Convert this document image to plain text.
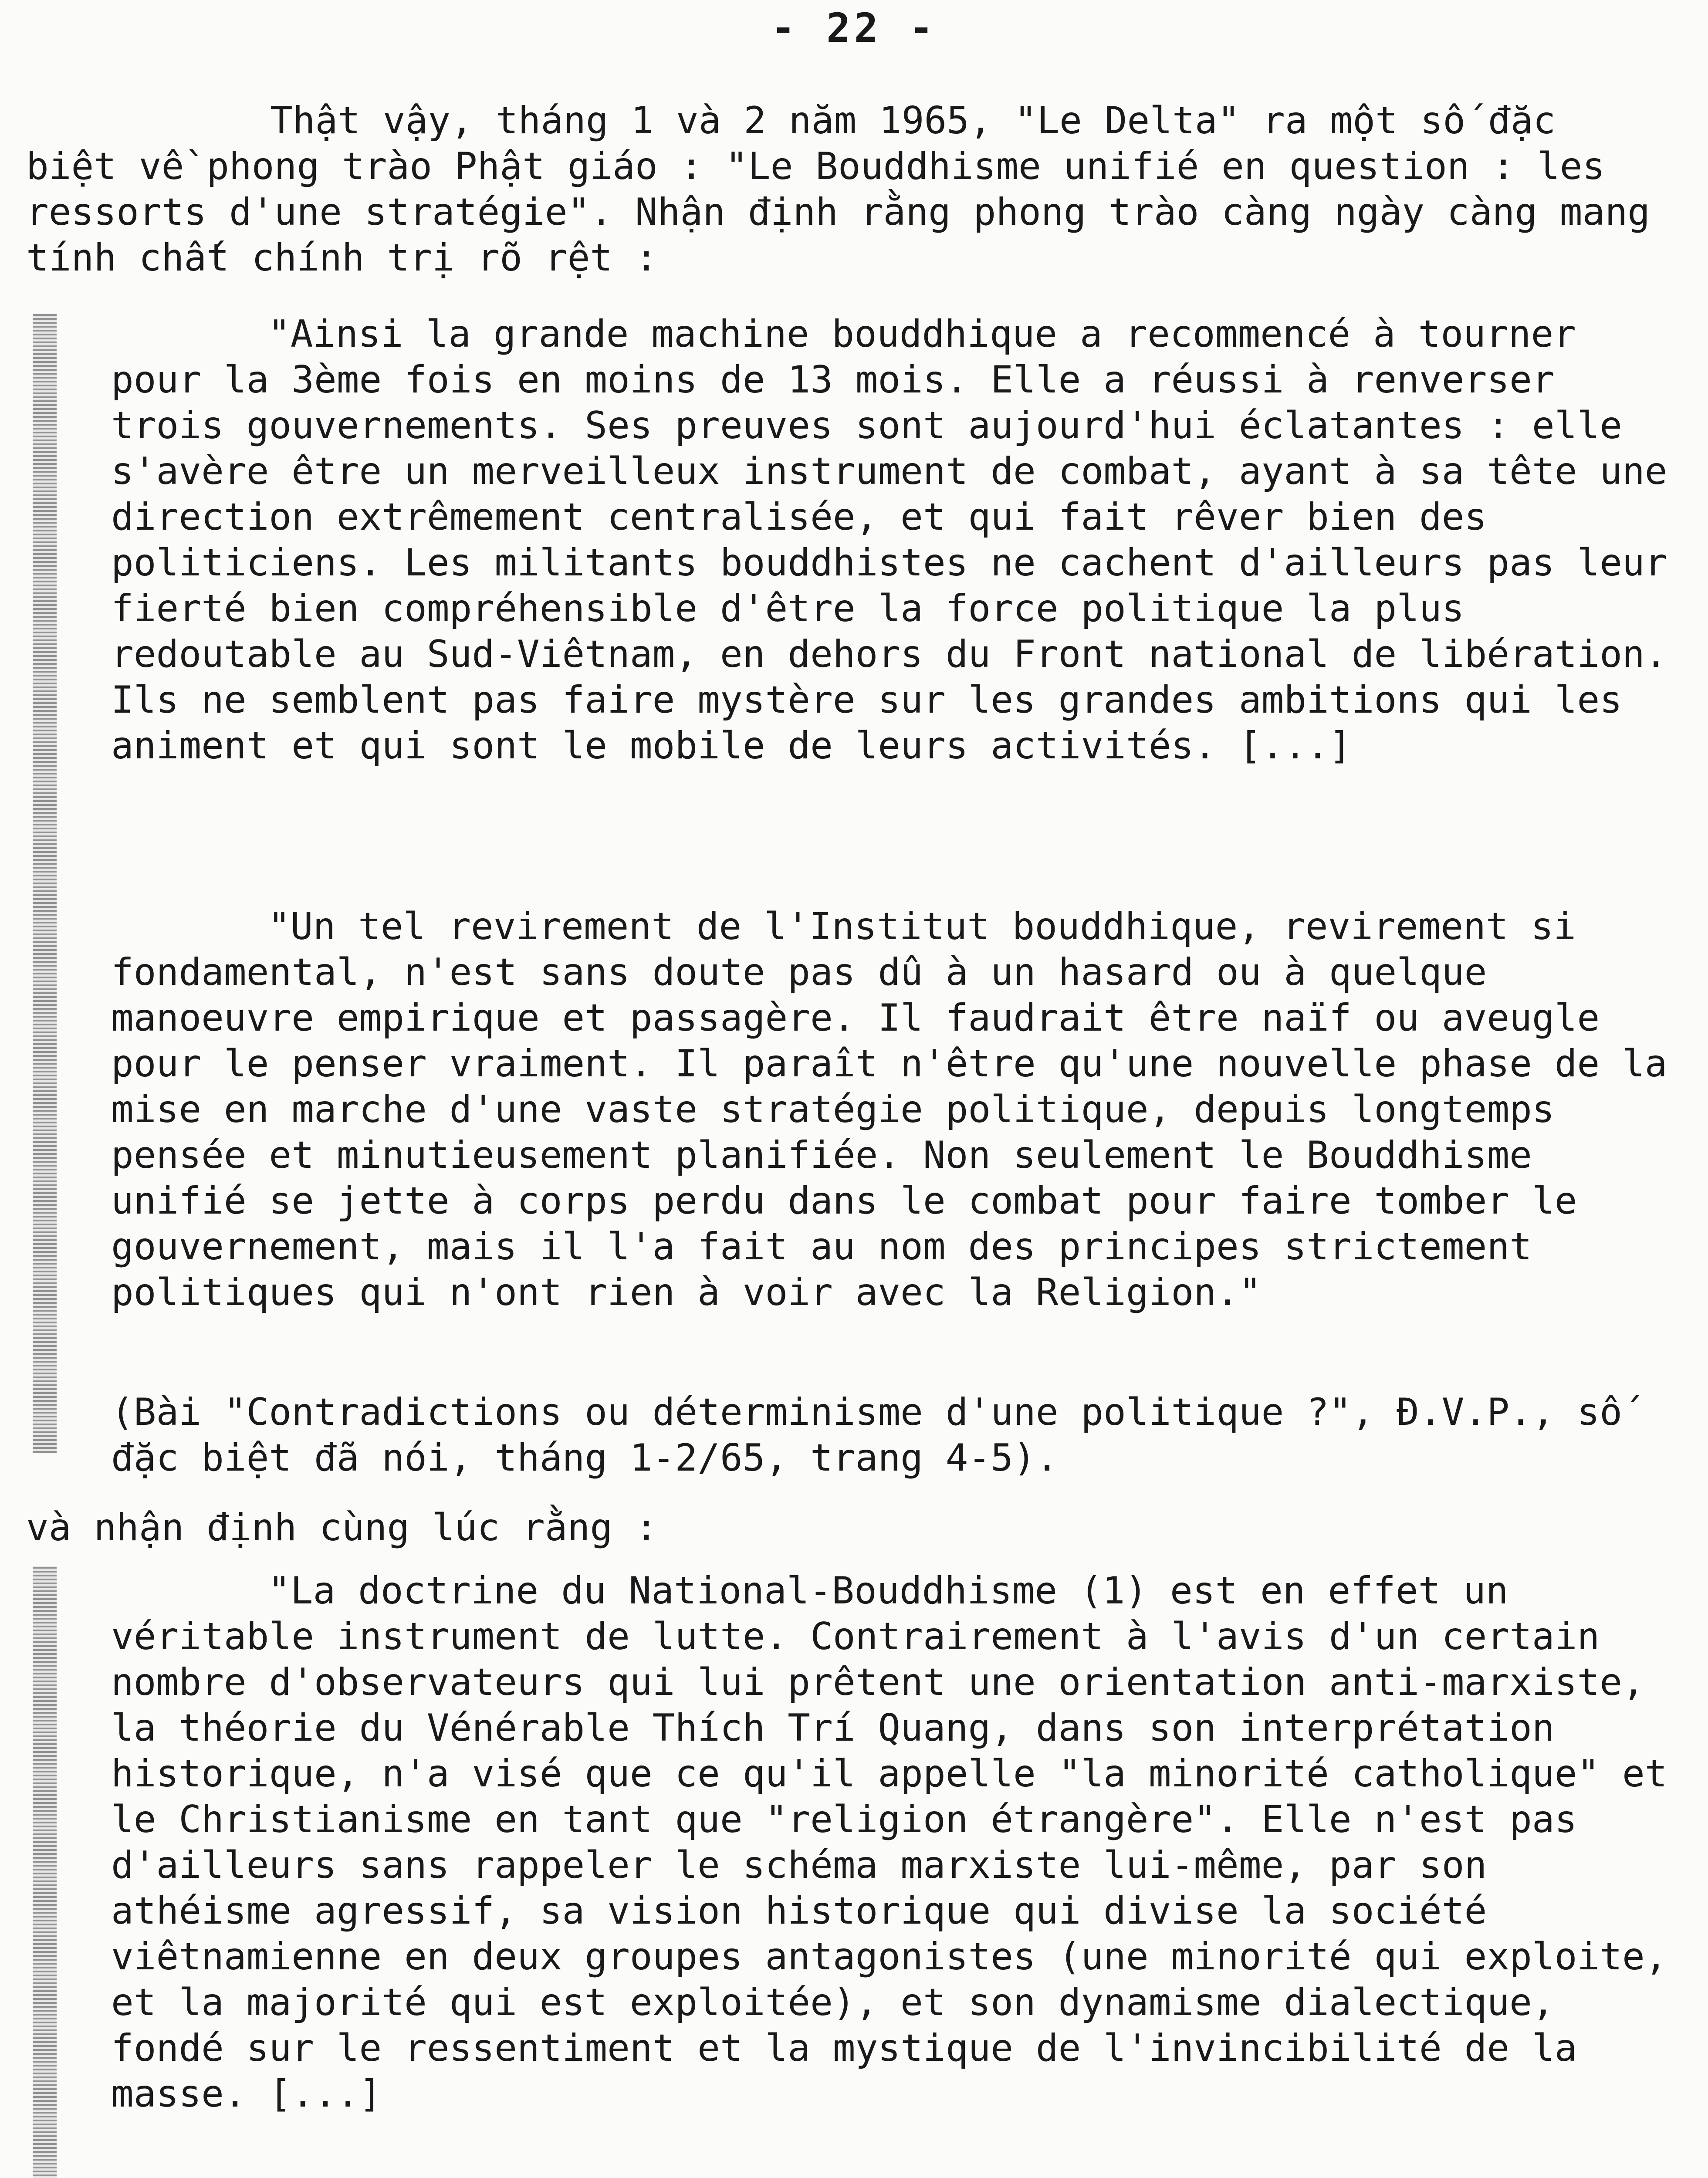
- 22 -
Thật vậy, tháng 1 và 2 năm 1965, "Le Delta" ra một số đặc biệt về phong trào Phật giáo : "Le Bouddhisme unifié en question : les ressorts d'une stratégie". Nhận định rằng phong trào càng ngày càng mang tính chất chính trị rõ rệt :

"Ainsi la grande machine bouddhique a recommencé à tourner pour la 3ème fois en moins de 13 mois. Elle a réussi à renverser trois gouvernements. Ses preuves sont aujourd'hui éclatantes : elle s'avère être un merveilleux instrument de combat, ayant à sa tête une direction extrêmement centralisée, et qui fait rêver bien des politiciens. Les militants bouddhistes ne cachent d'ailleurs pas leur fierté bien compréhensible d'être la force politique la plus redoutable au Sud-Viêtnam, en dehors du Front national de libération. Ils ne semblent pas faire mystère sur les grandes ambitions qui les animent et qui sont le mobile de leurs activités. [...]

"Un tel revirement de l'Institut bouddhique, revirement si fondamental, n'est sans doute pas dû à un hasard ou à quelque manoeuvre empirique et passagère. Il faudrait être naïf ou aveugle pour le penser vraiment. Il paraît n'être qu'une nouvelle phase de la mise en marche d'une vaste stratégie politique, depuis longtemps pensée et minutieusement planifiée. Non seulement le Bouddhisme unifié se jette à corps perdu dans le combat pour faire tomber le gouvernement, mais il l'a fait au nom des principes strictement politiques qui n'ont rien à voir avec la Religion."

(Bài "Contradictions ou déterminisme d'une politique ?", Đ.V.P., số đặc biệt đã nói, tháng 1-2/65, trang 4-5).
và nhận định cùng lúc rằng :

"La doctrine du National-Bouddhisme (1) est en effet un véritable instrument de lutte. Contrairement à l'avis d'un certain nombre d'observateurs qui lui prêtent une orientation anti-marxiste, la théorie du Vénérable Thích Trí Quang, dans son interprétation historique, n'a visé que ce qu'il appelle "la minorité catholique" et le Christianisme en tant que "religion étrangère". Elle n'est pas d'ailleurs sans rappeler le schéma marxiste lui-même, par son athéisme agressif, sa vision historique qui divise la société viêtnamienne en deux groupes antagonistes (une minorité qui exploite, et la majorité qui est exploitée), et son dynamisme dialectique, fondé sur le ressentiment et la mystique de l'invincibilité de la masse. [...]
